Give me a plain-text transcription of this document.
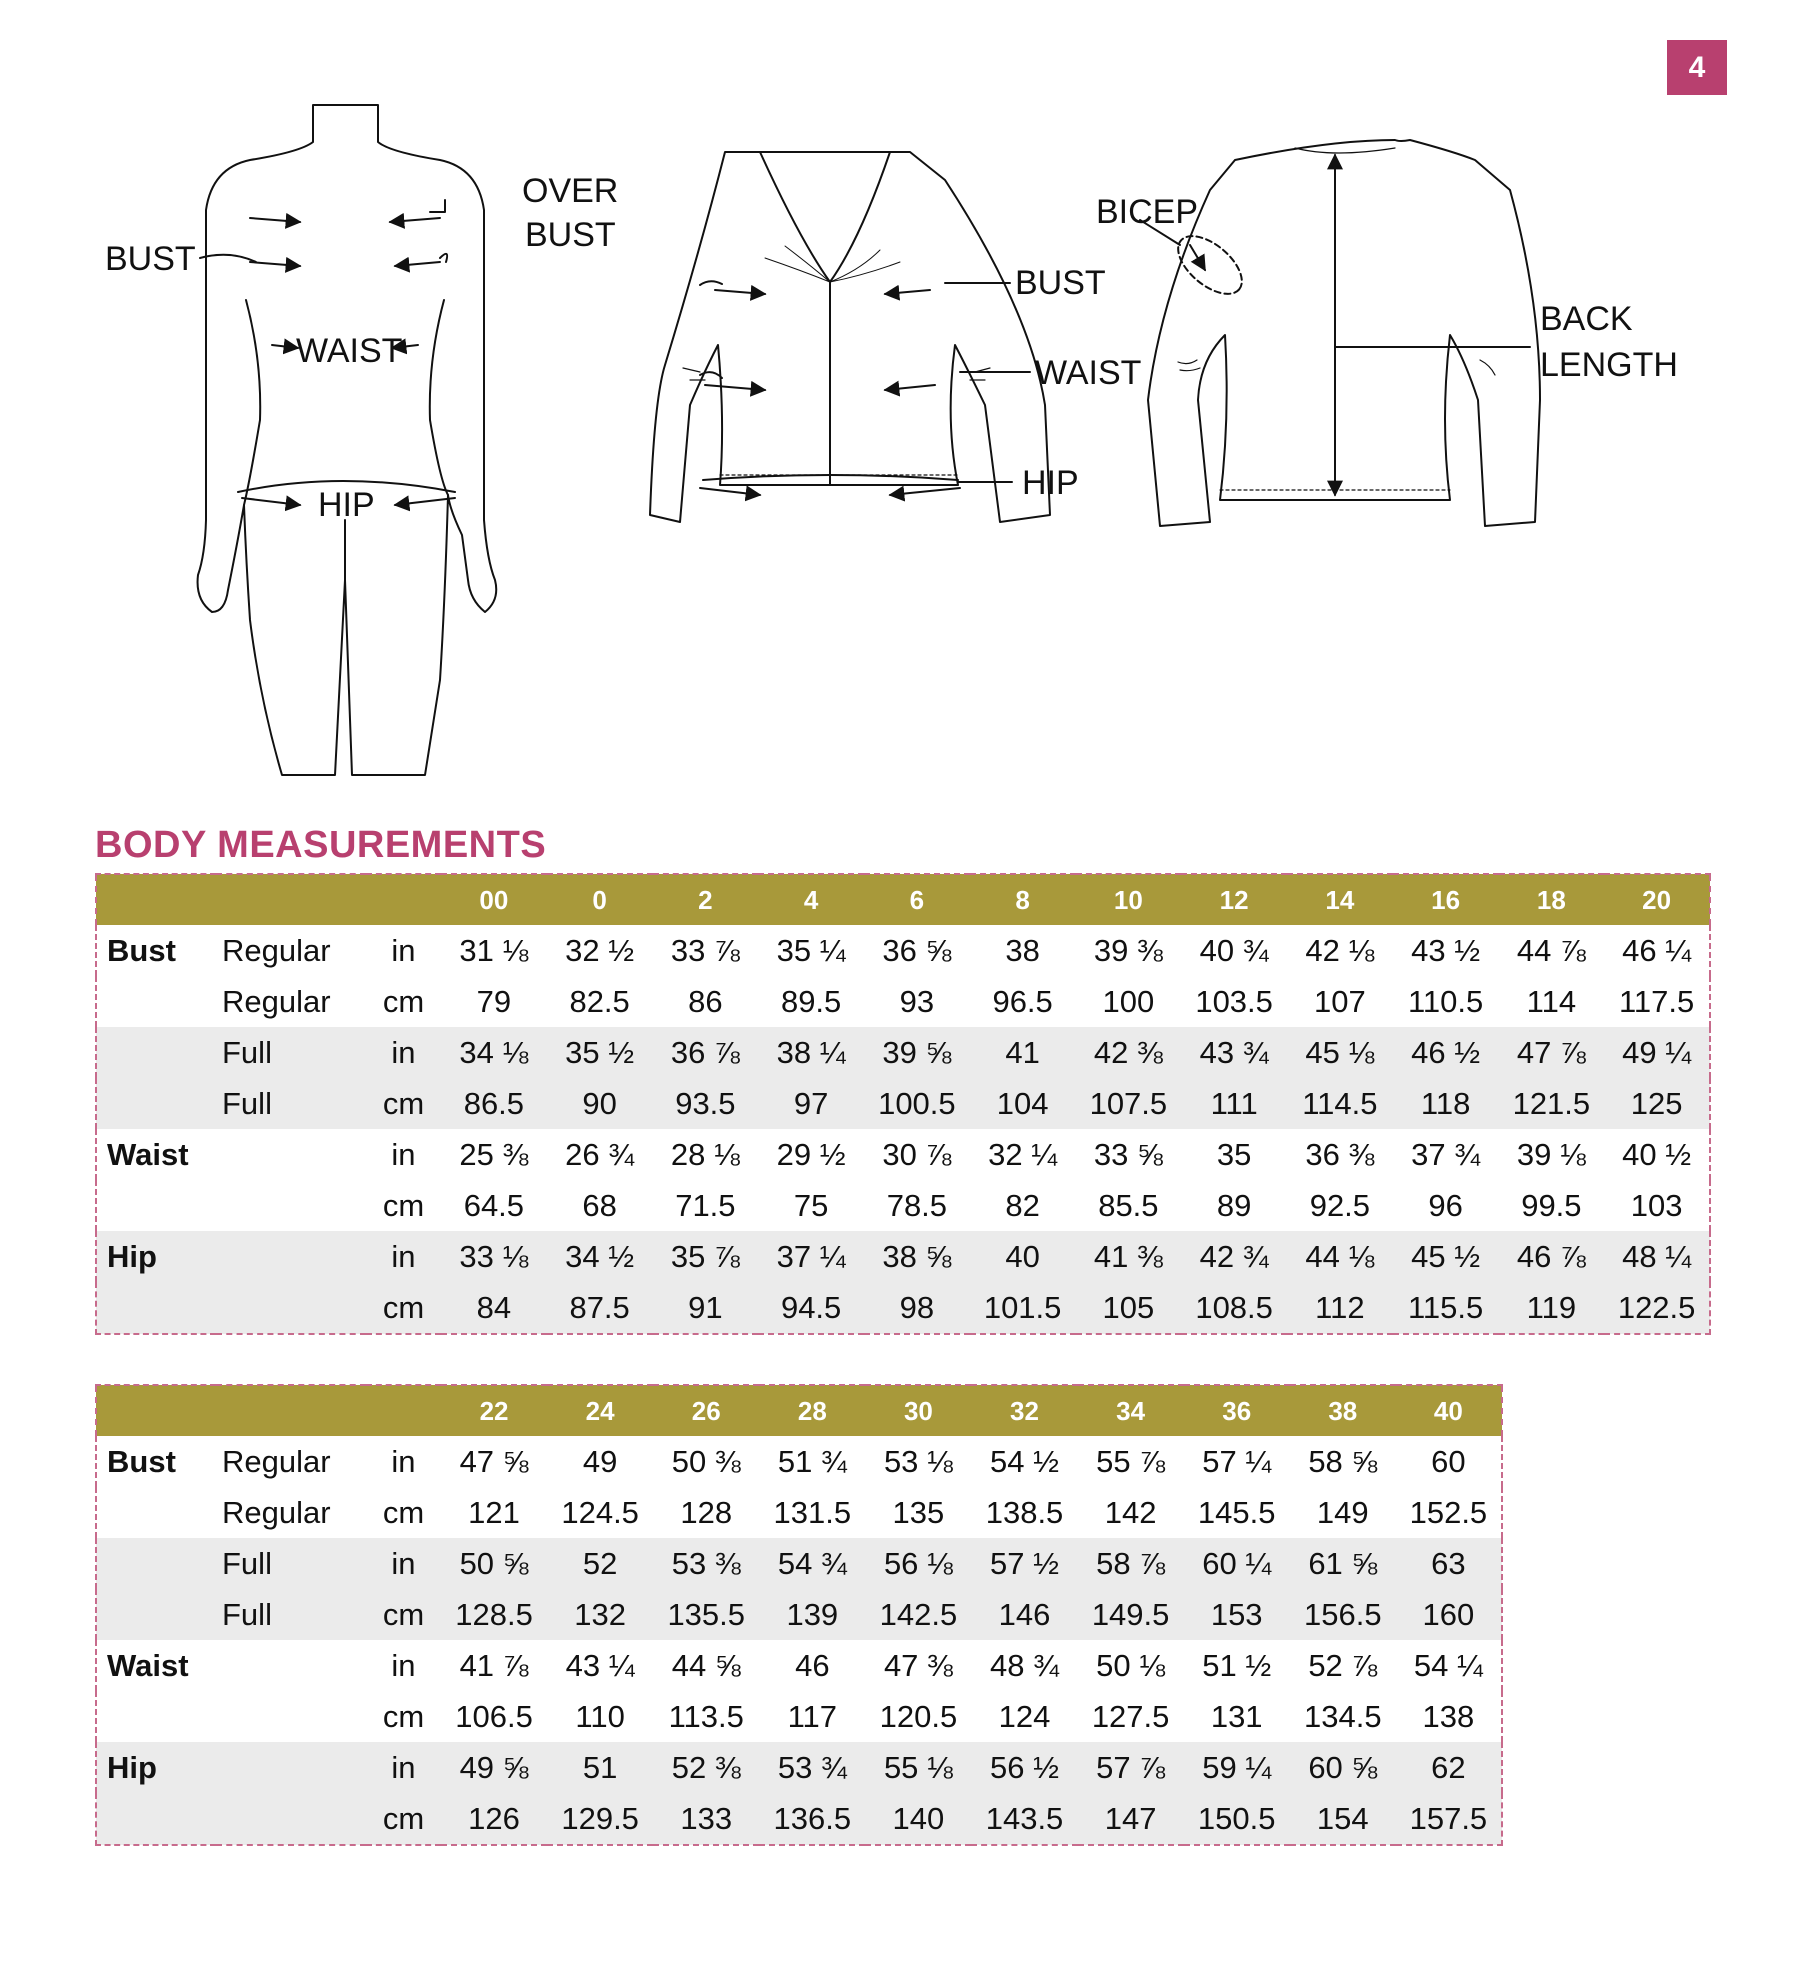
4
BUST
OVER
BUST
WAIST
HIP
BUST
WAIST
HIP
BICEP
BACK
LENGTH
BODY MEASUREMENTS
			00	0	2	4	6	8	10	12	14	16	18	20
Bust	Regular	in	31 ⅛	32 ½	33 ⅞	35 ¼	36 ⅝	38	39 ⅜	40 ¾	42 ⅛	43 ½	44 ⅞	46 ¼
	Regular	cm	79	82.5	86	89.5	93	96.5	100	103.5	107	110.5	114	117.5
	Full	in	34 ⅛	35 ½	36 ⅞	38 ¼	39 ⅝	41	42 ⅜	43 ¾	45 ⅛	46 ½	47 ⅞	49 ¼
	Full	cm	86.5	90	93.5	97	100.5	104	107.5	111	114.5	118	121.5	125
Waist		in	25 ⅜	26 ¾	28 ⅛	29 ½	30 ⅞	32 ¼	33 ⅝	35	36 ⅜	37 ¾	39 ⅛	40 ½
		cm	64.5	68	71.5	75	78.5	82	85.5	89	92.5	96	99.5	103
Hip		in	33 ⅛	34 ½	35 ⅞	37 ¼	38 ⅝	40	41 ⅜	42 ¾	44 ⅛	45 ½	46 ⅞	48 ¼
		cm	84	87.5	91	94.5	98	101.5	105	108.5	112	115.5	119	122.5
			22	24	26	28	30	32	34	36	38	40
Bust	Regular	in	47 ⅝	49	50 ⅜	51 ¾	53 ⅛	54 ½	55 ⅞	57 ¼	58 ⅝	60
	Regular	cm	121	124.5	128	131.5	135	138.5	142	145.5	149	152.5
	Full	in	50 ⅝	52	53 ⅜	54 ¾	56 ⅛	57 ½	58 ⅞	60 ¼	61 ⅝	63
	Full	cm	128.5	132	135.5	139	142.5	146	149.5	153	156.5	160
Waist		in	41 ⅞	43 ¼	44 ⅝	46	47 ⅜	48 ¾	50 ⅛	51 ½	52 ⅞	54 ¼
		cm	106.5	110	113.5	117	120.5	124	127.5	131	134.5	138
Hip		in	49 ⅝	51	52 ⅜	53 ¾	55 ⅛	56 ½	57 ⅞	59 ¼	60 ⅝	62
		cm	126	129.5	133	136.5	140	143.5	147	150.5	154	157.5
